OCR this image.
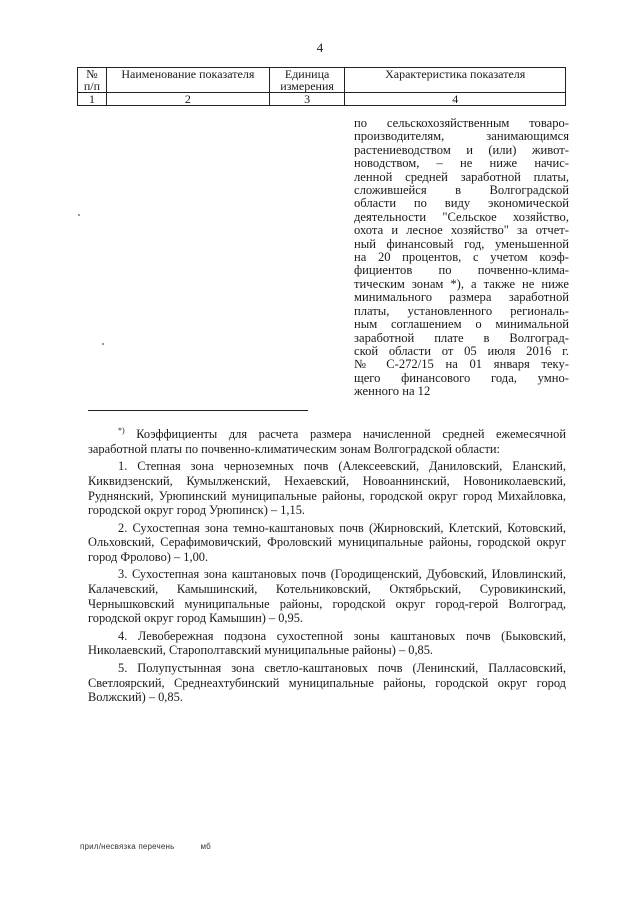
4
№ п/п	Наименование показателя	Единица измерения	Характеристика показателя
1	2	3	4
по сельскохозяйственным товаро-
производителям, занимающимся
растениеводством и (или) живот-
новодством, – не ниже начис-
ленной средней заработной платы,
сложившейся в Волгоградской
области по виду экономической
деятельности "Сельское хозяйство,
охота и лесное хозяйство" за отчет-
ный финансовый год, уменьшенной
на 20 процентов, с учетом коэф-
фициентов по почвенно-клима-
тическим зонам *), а также не ниже
минимального размера заработной
платы, установленного региональ-
ным соглашением о минимальной
заработной плате в Волгоград-
ской области от 05 июля 2016 г.
№ С-272/15 на 01 января теку-
щего финансового года, умно-
женного на 12

*) Коэффициенты для расчета размера начисленной средней ежемесячной заработной платы по почвенно-климатическим зонам Волгоградской области:

1. Степная зона черноземных почв (Алексеевский, Даниловский, Еланский, Киквидзенский, Кумылженский, Нехаевский, Новоаннинский, Новониколаевский, Руднянский, Урюпинский муниципальные районы, городской округ город Михайловка, городской округ город Урюпинск) – 1,15.

2. Сухостепная зона темно-каштановых почв (Жирновский, Клетский, Котовский, Ольховский, Серафимовичский, Фроловский муниципальные районы, городской округ город Фролово) – 1,00.

3. Сухостепная зона каштановых почв (Городищенский, Дубовский, Иловлинский, Калачевский, Камышинский, Котельниковский, Октябрьский, Суровикинский, Чернышковский муниципальные районы, городской округ город-герой Волгоград, городской округ город Камышин) – 0,95.

4. Левобережная подзона сухостепной зоны каштановых почв (Быковский, Николаевский, Старополтавский муниципальные районы) – 0,85.

5. Полупустынная зона светло-каштановых почв (Ленинский, Палласовский, Светлоярский, Среднеахтубинский муниципальные районы, городской округ город Волжский) – 0,85.

прил/несвязка перечень	мб
